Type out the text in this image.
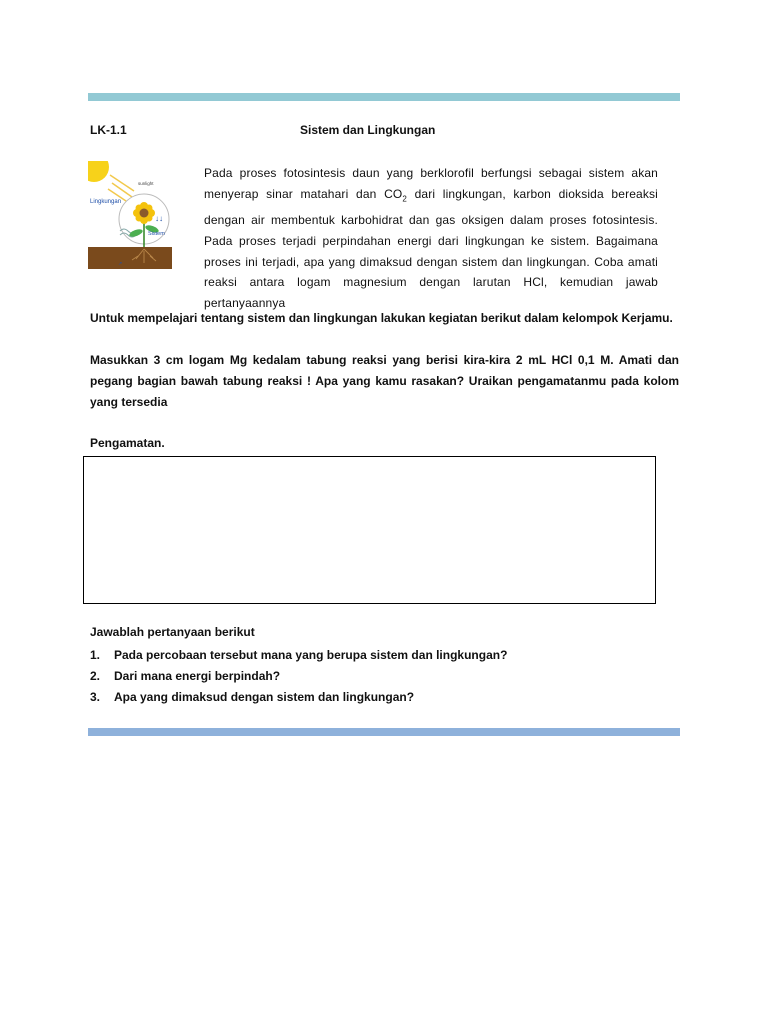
LK-1.1	Sistem dan Lingkungan
sunlight
Lingkungan
↓↓
Sistem
↗
Pada proses fotosintesis daun yang berklorofil berfungsi sebagai sistem akan menyerap sinar matahari dan $CO_2$ dari lingkungan, karbon dioksida bereaksi dengan air membentuk karbohidrat dan gas oksigen dalam proses fotosintesis. Pada proses terjadi perpindahan energi dari lingkungan ke sistem. Bagaimana proses ini terjadi, apa yang dimaksud dengan sistem dan lingkungan. Coba amati reaksi antara logam magnesium dengan larutan HCl, kemudian jawab pertanyaannya
Untuk mempelajari tentang sistem dan lingkungan lakukan kegiatan berikut dalam kelompok Kerjamu.
Masukkan 3 cm logam Mg kedalam tabung reaksi yang berisi kira-kira 2 mL HCl 0,1 M. Amati dan pegang bagian bawah tabung reaksi ! Apa yang kamu rasakan? Uraikan pengamatanmu pada kolom yang tersedia
Pengamatan.
Jawablah pertanyaan berikut
1.	Pada percobaan tersebut mana yang berupa sistem dan lingkungan?
2.	Dari mana energi berpindah?
3.	Apa yang dimaksud dengan sistem dan lingkungan?
